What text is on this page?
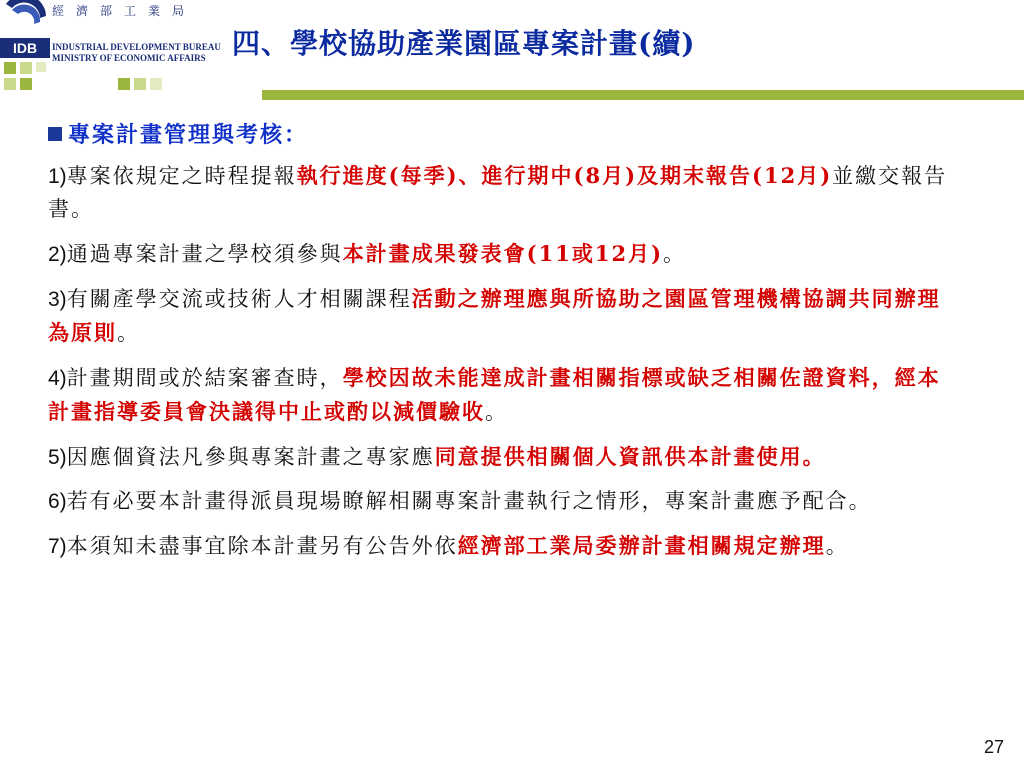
IDB
經濟部工業局
INDUSTRIAL DEVELOPMENT BUREAU
MINISTRY OF ECONOMIC AFFAIRS 四、學校協助產業園區專案計畫(續)
專案計畫管理與考核：

1)專案依規定之時程提報執行進度(每季)、進行期中(8月)及期末報告(12月)並繳交報告書。

2)通過專案計畫之學校須參與本計畫成果發表會(11或12月)。

3)有關產學交流或技術人才相關課程活動之辦理應與所協助之園區管理機構協調共同辦理為原則。

4)計畫期間或於結案審查時，學校因故未能達成計畫相關指標或缺乏相關佐證資料，經本計畫指導委員會決議得中止或酌以減價驗收。

5)因應個資法凡參與專案計畫之專家應同意提供相關個人資訊供本計畫使用。

6)若有必要本計畫得派員現場瞭解相關專案計畫執行之情形，專案計畫應予配合。

7)本須知未盡事宜除本計畫另有公告外依經濟部工業局委辦計畫相關規定辦理。

27
